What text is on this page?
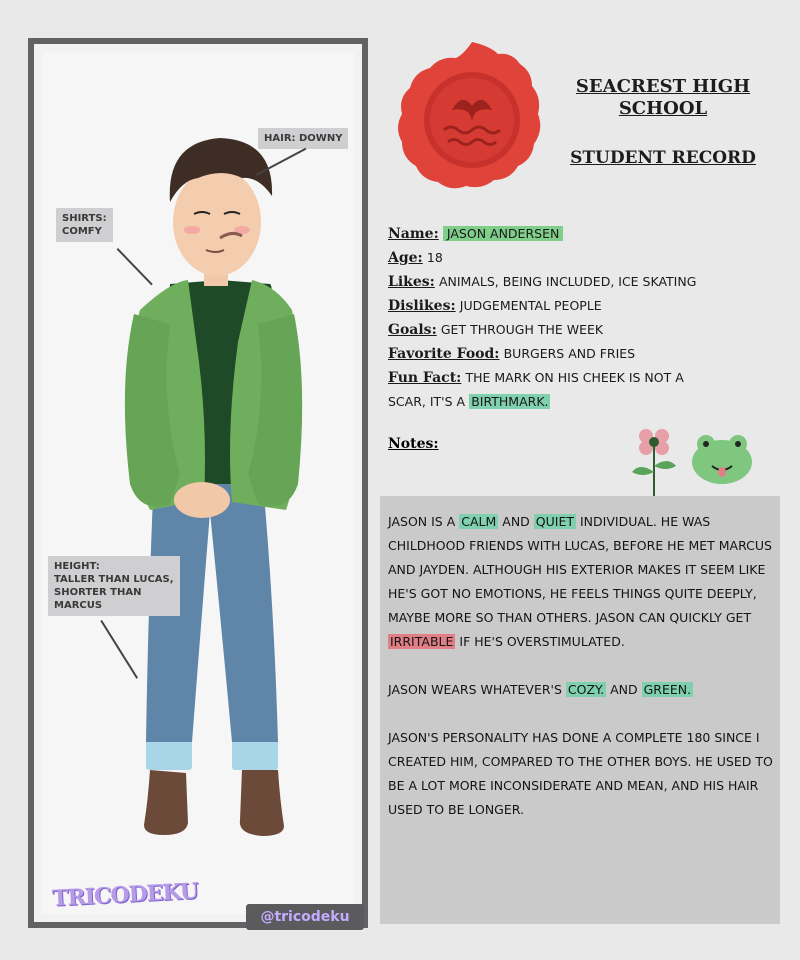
HAIR: DOWNY
SHIRTS:
COMFY
HEIGHT:
TALLER THAN LUCAS,
SHORTER THAN
MARCUS
TRICODEKU
@tricodeku
SEACREST HIGH
SCHOOL
STUDENT RECORD
Name: JASON ANDERSEN
Age: 18
Likes: ANIMALS, BEING INCLUDED, ICE SKATING
Dislikes: JUDGEMENTAL PEOPLE
Goals: GET THROUGH THE WEEK
Favorite Food: BURGERS AND FRIES
Fun Fact: THE MARK ON HIS CHEEK IS NOT A
SCAR, IT'S A BIRTHMARK.
Notes:

JASON IS A CALM AND QUIET INDIVIDUAL. HE WAS CHILDHOOD FRIENDS WITH LUCAS, BEFORE HE MET MARCUS AND JAYDEN. ALTHOUGH HIS EXTERIOR MAKES IT SEEM LIKE HE'S GOT NO EMOTIONS, HE FEELS THINGS QUITE DEEPLY, MAYBE MORE SO THAN OTHERS. JASON CAN QUICKLY GET IRRITABLE IF HE'S OVERSTIMULATED.

JASON WEARS WHATEVER'S COZY. AND GREEN.

JASON'S PERSONALITY HAS DONE A COMPLETE 180 SINCE I CREATED HIM, COMPARED TO THE OTHER BOYS. HE USED TO BE A LOT MORE INCONSIDERATE AND MEAN, AND HIS HAIR USED TO BE LONGER.
